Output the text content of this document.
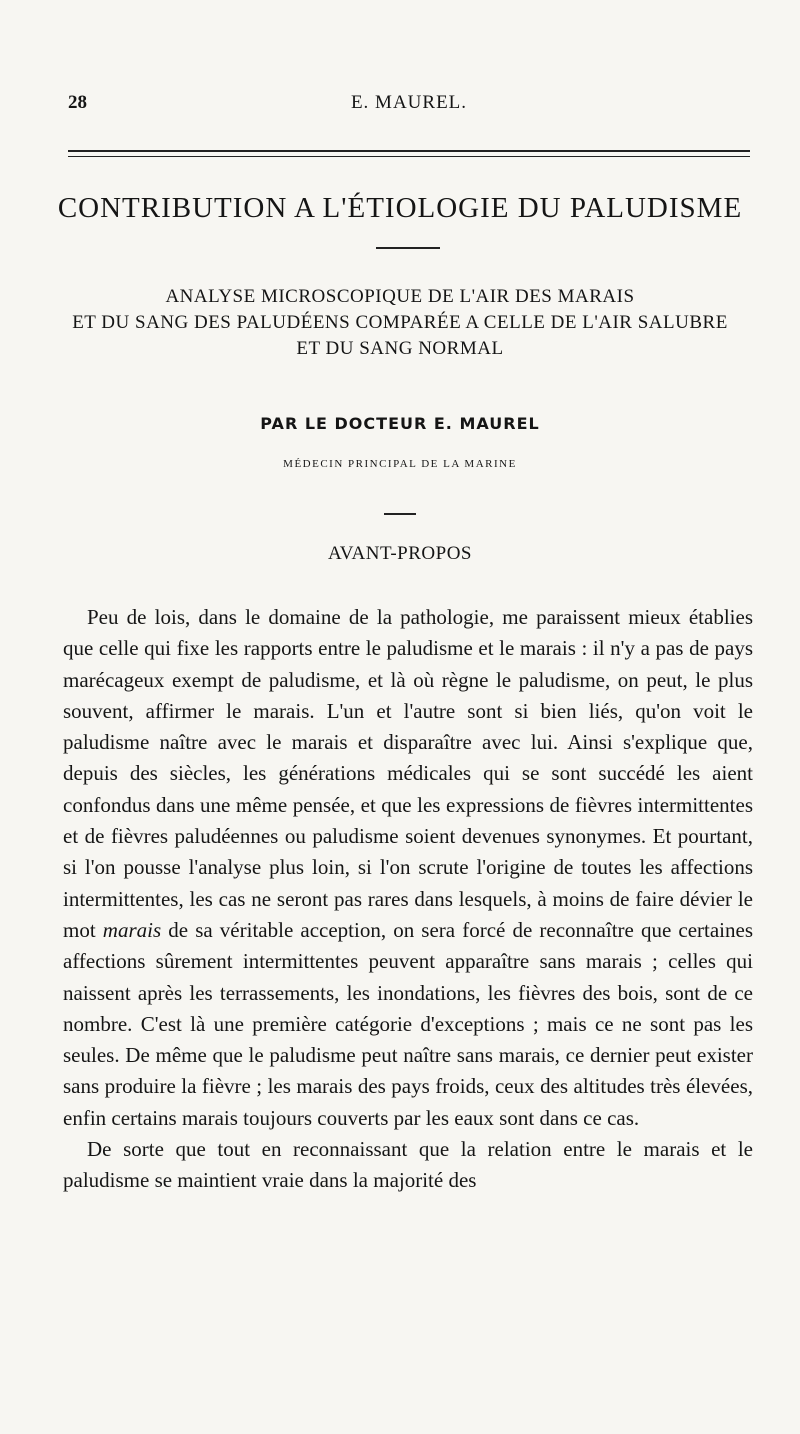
28	E. MAUREL.
CONTRIBUTION A L'ÉTIOLOGIE DU PALUDISME
ANALYSE MICROSCOPIQUE DE L'AIR DES MARAIS
ET DU SANG DES PALUDÉENS COMPARÉE A CELLE DE L'AIR SALUBRE
ET DU SANG NORMAL
PAR LE DOCTEUR E. MAUREL
MÉDECIN PRINCIPAL DE LA MARINE
AVANT-PROPOS

Peu de lois, dans le domaine de la pathologie, me paraissent mieux établies que celle qui fixe les rapports entre le paludisme et le marais : il n'y a pas de pays marécageux exempt de paludisme, et là où règne le paludisme, on peut, le plus souvent, affirmer le marais. L'un et l'autre sont si bien liés, qu'on voit le paludisme naître avec le marais et disparaître avec lui. Ainsi s'explique que, depuis des siècles, les générations médicales qui se sont succédé les aient confondus dans une même pensée, et que les expressions de fièvres intermittentes et de fièvres paludéennes ou paludisme soient devenues synonymes. Et pourtant, si l'on pousse l'analyse plus loin, si l'on scrute l'origine de toutes les affections intermittentes, les cas ne seront pas rares dans lesquels, à moins de faire dévier le mot marais de sa véritable acception, on sera forcé de reconnaître que certaines affections sûrement intermittentes peuvent apparaître sans marais ; celles qui naissent après les terrassements, les inondations, les fièvres des bois, sont de ce nombre. C'est là une première catégorie d'exceptions ; mais ce ne sont pas les seules. De même que le paludisme peut naître sans marais, ce dernier peut exister sans produire la fièvre ; les marais des pays froids, ceux des altitudes très élevées, enfin certains marais toujours couverts par les eaux sont dans ce cas.

De sorte que tout en reconnaissant que la relation entre le marais et le paludisme se maintient vraie dans la majorité des
